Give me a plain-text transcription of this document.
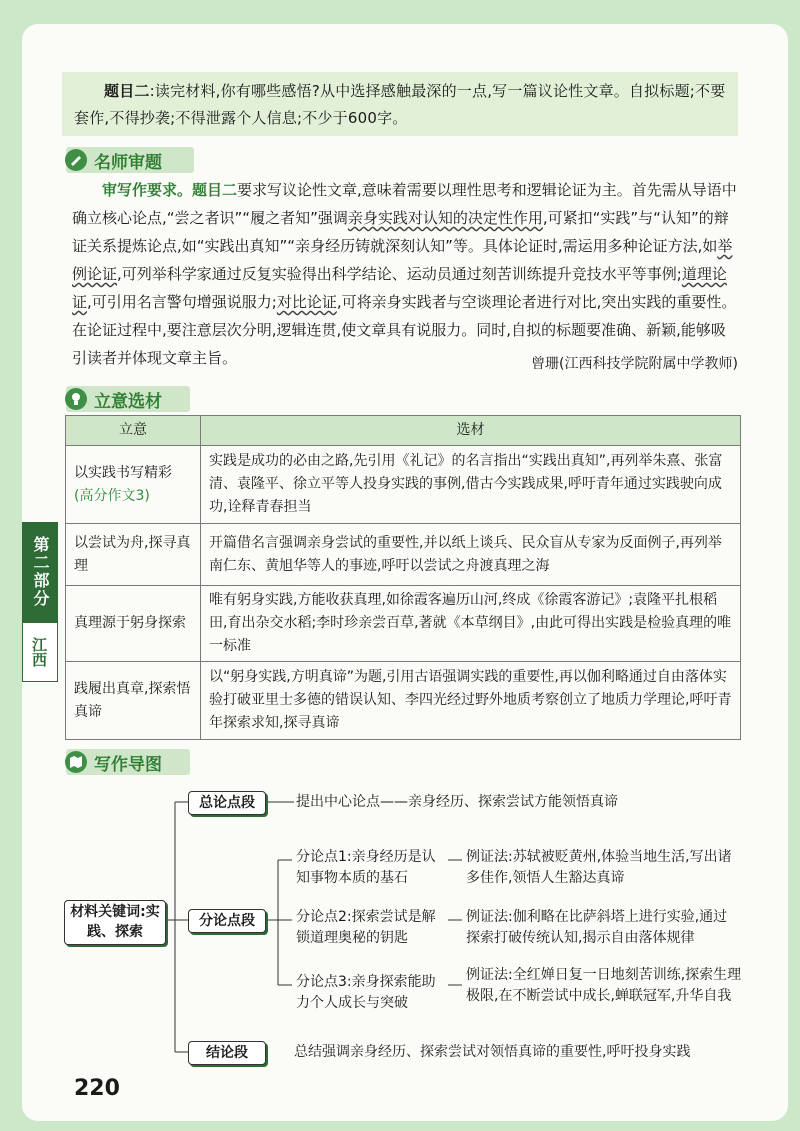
题目二:读完材料,你有哪些感悟?从中选择感触最深的一点,写一篇议论性文章。自拟标题;不要套作,不得抄袭;不得泄露个人信息;不少于600字。

名师审题

审写作要求。题目二要求写议论性文章,意味着需要以理性思考和逻辑论证为主。首先需从导语中确立核心论点,“尝之者识”“履之者知”强调亲身实践对认知的决定性作用,可紧扣“实践”与“认知”的辩证关系提炼论点,如“实践出真知”“亲身经历铸就深刻认知”等。具体论证时,需运用多种论证方法,如举例论证,可列举科学家通过反复实验得出科学结论、运动员通过刻苦训练提升竞技水平等事例;道理论证,可引用名言警句增强说服力;对比论证,可将亲身实践者与空谈理论者进行对比,突出实践的重要性。在论证过程中,要注意层次分明,逻辑连贯,使文章具有说服力。同时,自拟的标题要准确、新颖,能够吸引读者并体现文章主旨。	曾珊(江西科技学院附属中学教师)
立意选材
立意	选材
以实践书写精彩
(高分作文3)	实践是成功的必由之路,先引用《礼记》的名言指出“实践出真知”,再列举朱熹、张富清、袁隆平、徐立平等人投身实践的事例,借古今实践成果,呼吁青年通过实践驶向成功,诠释青春担当
以尝试为舟,探寻真理	开篇借名言强调亲身尝试的重要性,并以纸上谈兵、民众盲从专家为反面例子,再列举南仁东、黄旭华等人的事迹,呼吁以尝试之舟渡真理之海
真理源于躬身探索	唯有躬身实践,方能收获真理,如徐霞客遍历山河,终成《徐霞客游记》;袁隆平扎根稻田,育出杂交水稻;李时珍亲尝百草,著就《本草纲目》,由此可得出实践是检验真理的唯一标准
践履出真章,探索悟真谛	以“躬身实践,方明真谛”为题,引用古语强调实践的重要性,再以伽利略通过自由落体实验打破亚里士多德的错误认知、李四光经过野外地质考察创立了地质力学理论,呼吁青年探索求知,探寻真谛
第二部分
江西
写作导图
材料关键词:实践、探索
总论点段
分论点段
结论段
提出中心论点——亲身经历、探索尝试方能领悟真谛
分论点1:亲身经历是认知事物本质的基石
例证法:苏轼被贬黄州,体验当地生活,写出诸多佳作,领悟人生豁达真谛
分论点2:探索尝试是解锁道理奥秘的钥匙
例证法:伽利略在比萨斜塔上进行实验,通过探索打破传统认知,揭示自由落体规律
分论点3:亲身探索能助力个人成长与突破
例证法:全红婵日复一日地刻苦训练,探索生理极限,在不断尝试中成长,蝉联冠军,升华自我
总结强调亲身经历、探索尝试对领悟真谛的重要性,呼吁投身实践
220
